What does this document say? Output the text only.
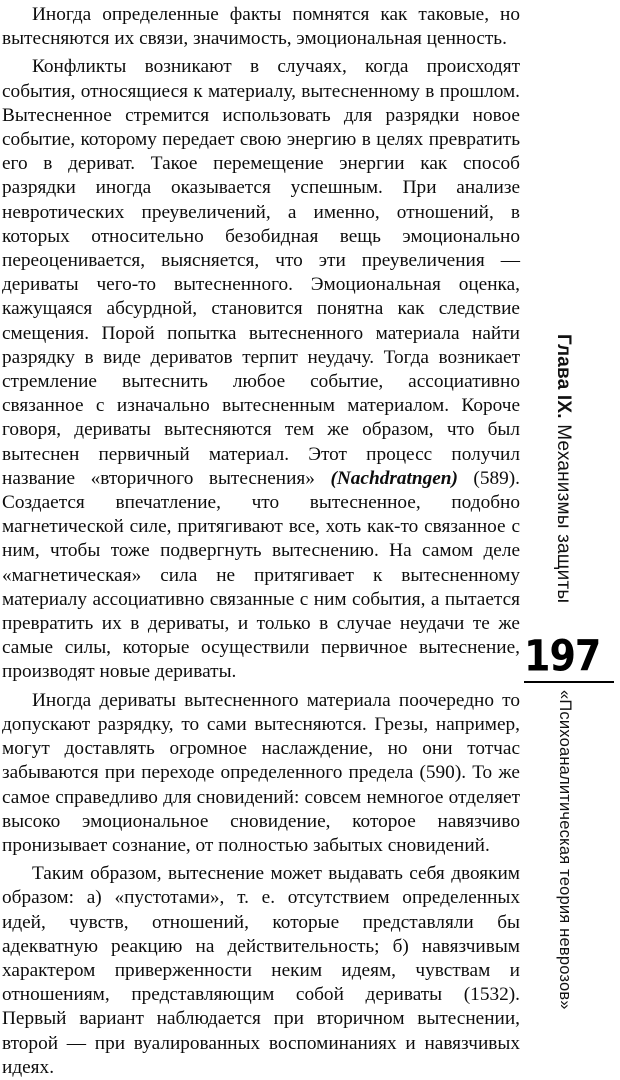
Иногда определенные факты помнятся как таковые, но вытесняются их связи, значимость, эмоциональная ценность.

Конфликты возникают в случаях, когда происходят события, относящиеся к материалу, вытесненному в прошлом. Вытесненное стремится использовать для разрядки новое событие, которому передает свою энергию в целях превратить его в дериват. Такое перемещение энергии как способ разрядки иногда оказывается успешным. При анализе невротических преувеличений, а именно, отношений, в которых относительно безобидная вещь эмоционально переоценивается, выясняется, что эти преувеличения — дериваты чего-то вытесненного. Эмоциональная оценка, кажущаяся абсурдной, становится понятна как следствие смещения. Порой попытка вытесненного материала найти разрядку в виде дериватов терпит неудачу. Тогда возникает стремление вытеснить любое событие, ассоциативно связанное с изначально вытесненным материалом. Короче говоря, дериваты вытесняются тем же образом, что был вытеснен первичный материал. Этот процесс получил название «вторичного вытеснения» (Nachdratngen) (589). Создается впечатление, что вытесненное, подобно магнетической силе, притягивают все, хоть как-то связанное с ним, чтобы тоже подвергнуть вытеснению. На самом деле «магнетическая» сила не притягивает к вытесненному материалу ассоциативно связанные с ним события, а пытается превратить их в дериваты, и только в случае неудачи те же самые силы, которые осуществили первичное вытеснение, производят новые дериваты.

Иногда дериваты вытесненного материала поочередно то допускают разрядку, то сами вытесняются. Грезы, например, могут доставлять огромное наслаждение, но они тотчас забываются при переходе определенного предела (590). То же самое справедливо для сновидений: совсем немногое отделяет высоко эмоциональное сновидение, которое навязчиво пронизывает сознание, от полностью забытых сновидений.

Таким образом, вытеснение может выдавать себя двояким образом: а) «пустотами», т. е. отсутствием определенных идей, чувств, отношений, которые представляли бы адекватную реакцию на действительность; б) навязчивым характером приверженности неким идеям, чувствам и отношениям, представляющим собой дериваты (1532). Первый вариант наблюдается при вторичном вытеснении, второй — при вуалированных воспоминаниях и навязчивых идеях.

Глава IX. Механизмы защиты
197
«Психоаналитическая теория неврозов»
